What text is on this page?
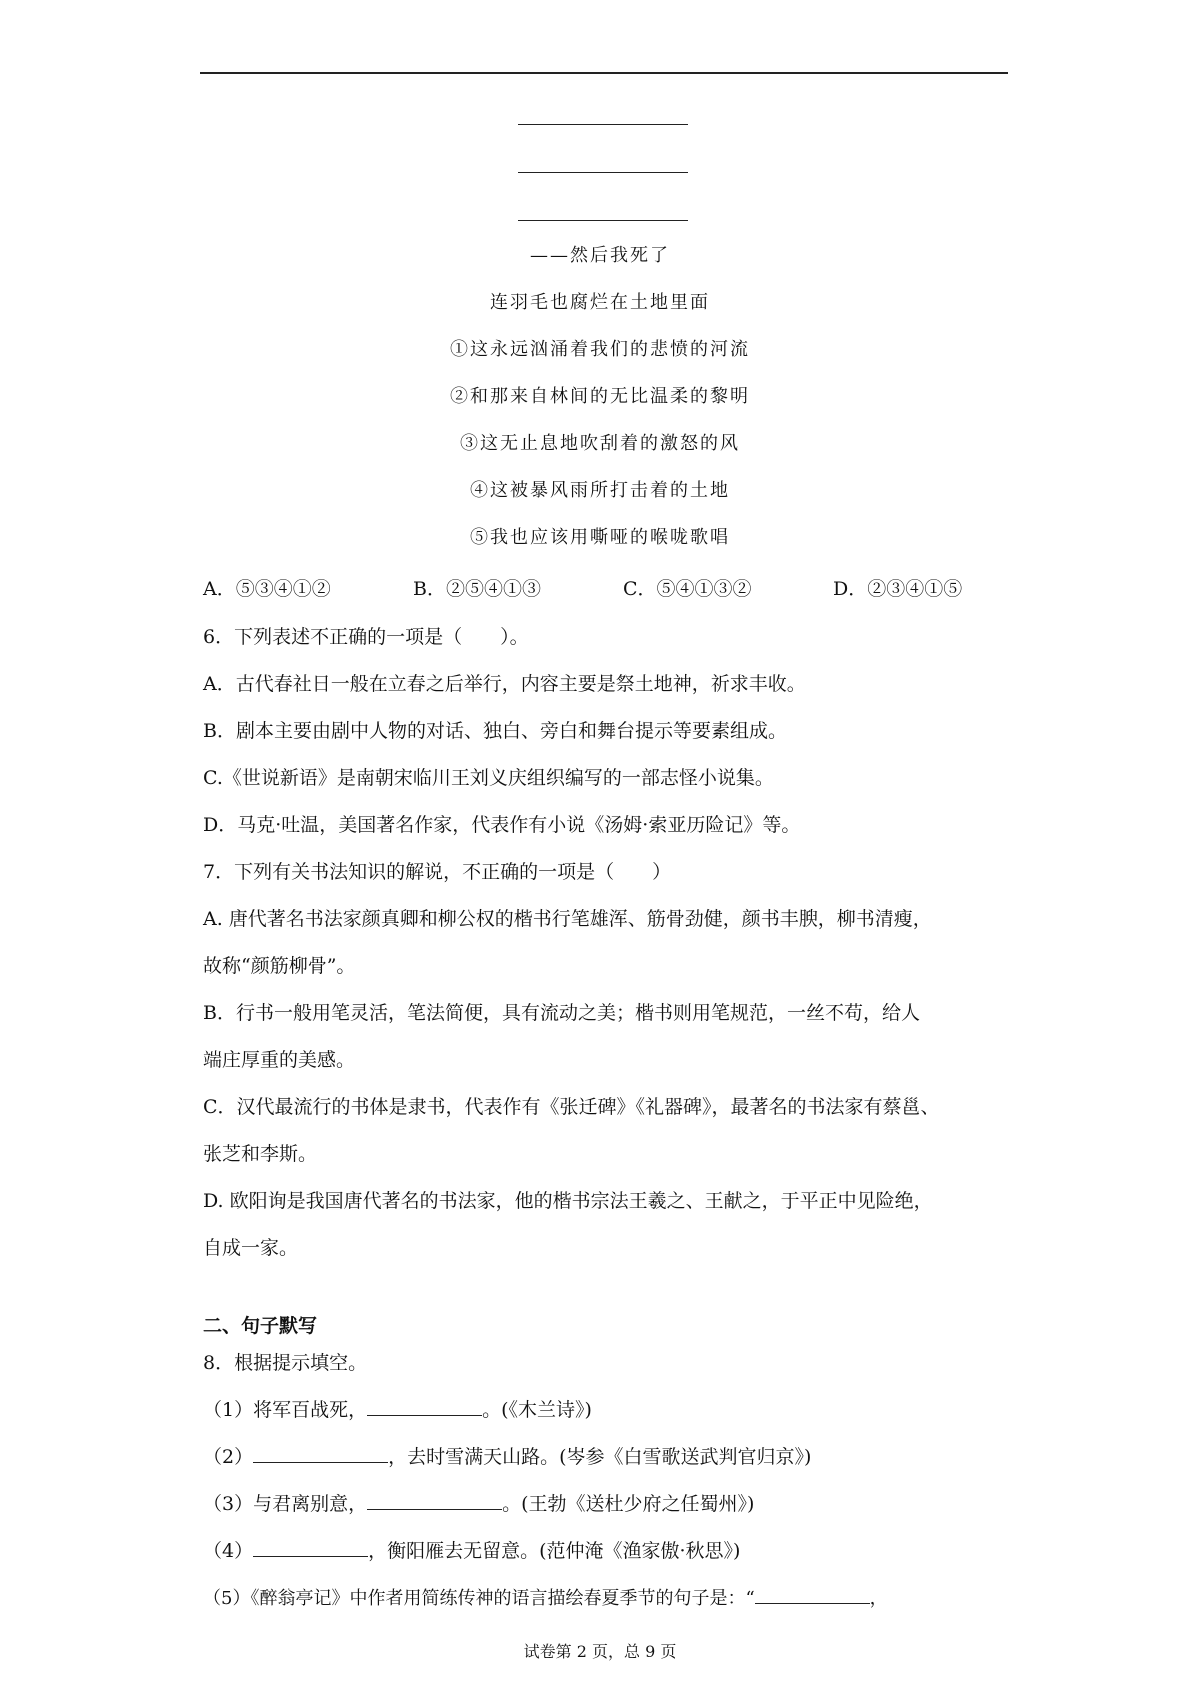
——然后我死了
连羽毛也腐烂在土地里面
①这永远汹涌着我们的悲愤的河流
②和那来自林间的无比温柔的黎明
③这无止息地吹刮着的激怒的风
④这被暴风雨所打击着的土地
⑤我也应该用嘶哑的喉咙歌唱
A．⑤③④①②	B．②⑤④①③	C．⑤④①③②	D．②③④①⑤
6．下列表述不正确的一项是（　　）。
A．古代春社日一般在立春之后举行，内容主要是祭土地神，祈求丰收。
B．剧本主要由剧中人物的对话、独白、旁白和舞台提示等要素组成。
C.《世说新语》是南朝宋临川王刘义庆组织编写的一部志怪小说集。
D．马克·吐温，美国著名作家，代表作有小说《汤姆·索亚历险记》等。
7．下列有关书法知识的解说，不正确的一项是（　　）
A. 唐代著名书法家颜真卿和柳公权的楷书行笔雄浑、筋骨劲健，颜书丰腴，柳书清瘦，
故称“颜筋柳骨”。
B．行书一般用笔灵活，笔法简便，具有流动之美；楷书则用笔规范，一丝不苟，给人
端庄厚重的美感。
C．汉代最流行的书体是隶书，代表作有《张迁碑》《礼器碑》，最著名的书法家有蔡邕、
张芝和李斯。
D. 欧阳询是我国唐代著名的书法家，他的楷书宗法王羲之、王献之，于平正中见险绝，
自成一家。
二、句子默写
8．根据提示填空。
（1）将军百战死，	。(《木兰诗》)
（2）	，去时雪满天山路。(岑参《白雪歌送武判官归京》)
（3）与君离别意，	。(王勃《送杜少府之任蜀州》)
（4）	，衡阳雁去无留意。(范仲淹《渔家傲·秋思》)
（5）《醉翁亭记》中作者用简练传神的语言描绘春夏季节的句子是：“	，
试卷第 2 页，总 9 页
